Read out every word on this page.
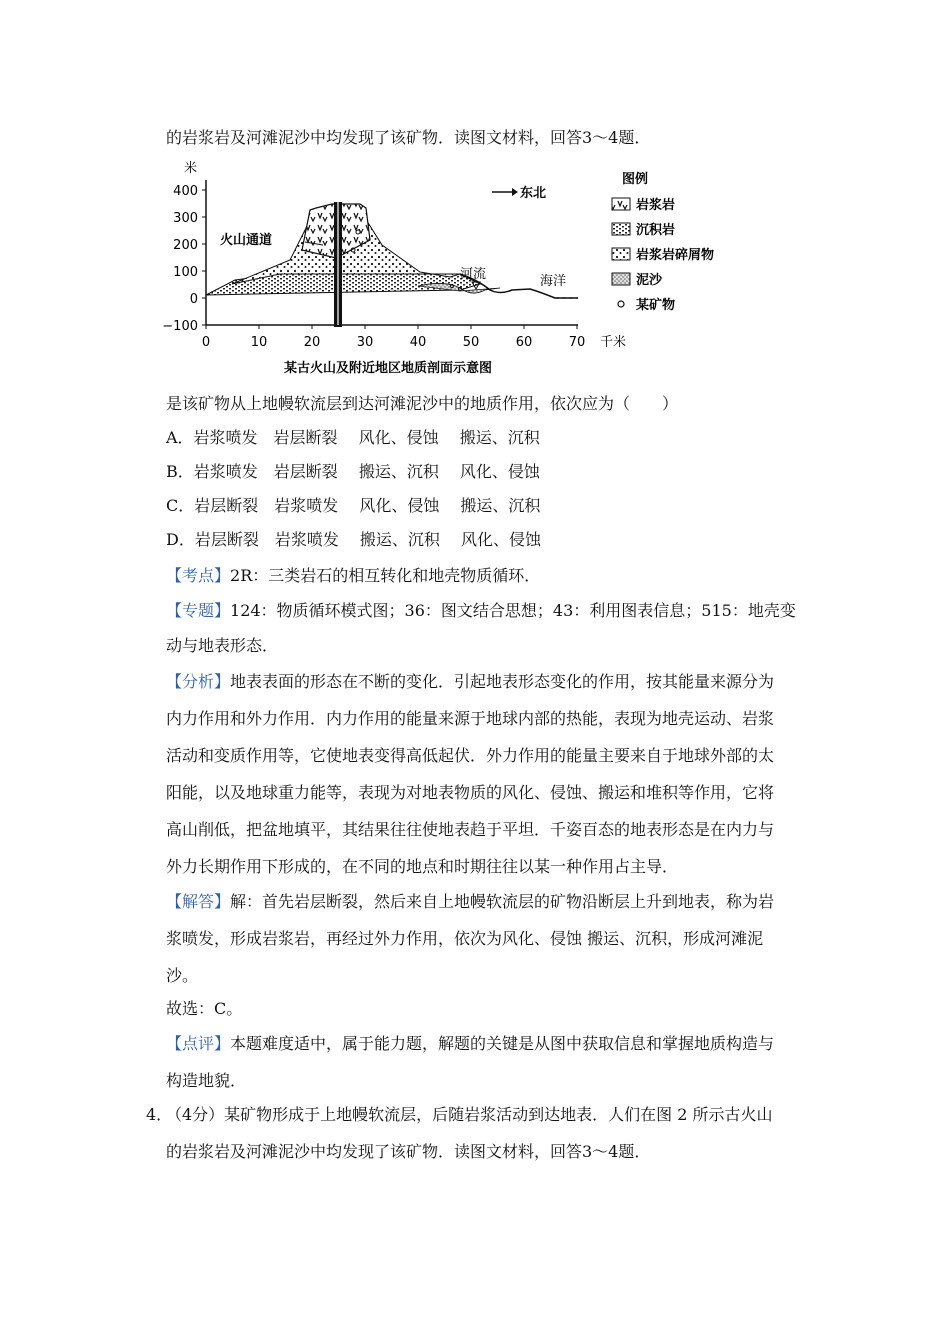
的岩浆岩及河滩泥沙中均发现了该矿物．读图文材料，回答3～4题．
米
400
300
200
100
0
−100
0	10	20	30	40	50	60	70 千米
火山通道
河流	海洋
东北
某古火山及附近地区地质剖面示意图
图例
岩浆岩
沉积岩
岩浆岩碎屑物
泥沙
某矿物
是该矿物从上地幔软流层到达河滩泥沙中的地质作用，依次应为（　　）
A．岩浆喷发　岩层断裂　 风化、侵蚀　 搬运、沉积
B．岩浆喷发　岩层断裂　 搬运、沉积　 风化、侵蚀
C．岩层断裂　岩浆喷发　 风化、侵蚀　 搬运、沉积
D．岩层断裂　岩浆喷发　 搬运、沉积　 风化、侵蚀
【考点】2R：三类岩石的相互转化和地壳物质循环．
【专题】124：物质循环模式图；36：图文结合思想；43：利用图表信息；515：地壳变
动与地表形态．
【分析】地表表面的形态在不断的变化．引起地表形态变化的作用，按其能量来源分为
内力作用和外力作用．内力作用的能量来源于地球内部的热能，表现为地壳运动、岩浆
活动和变质作用等，它使地表变得高低起伏．外力作用的能量主要来自于地球外部的太
阳能，以及地球重力能等，表现为对地表物质的风化、侵蚀、搬运和堆积等作用，它将
高山削低，把盆地填平，其结果往往使地表趋于平坦．千姿百态的地表形态是在内力与
外力长期作用下形成的，在不同的地点和时期往往以某一种作用占主导．
【解答】解：首先岩层断裂，然后来自上地幔软流层的矿物沿断层上升到地表，称为岩
浆喷发，形成岩浆岩，再经过外力作用，依次为风化、侵蚀 搬运、沉积，形成河滩泥
沙。
故选：C。
【点评】本题难度适中，属于能力题，解题的关键是从图中获取信息和掌握地质构造与
构造地貌．
4．
（4分）某矿物形成于上地幔软流层，后随岩浆活动到达地表．人们在图 2 所示古火山
的岩浆岩及河滩泥沙中均发现了该矿物．读图文材料，回答3～4题．
